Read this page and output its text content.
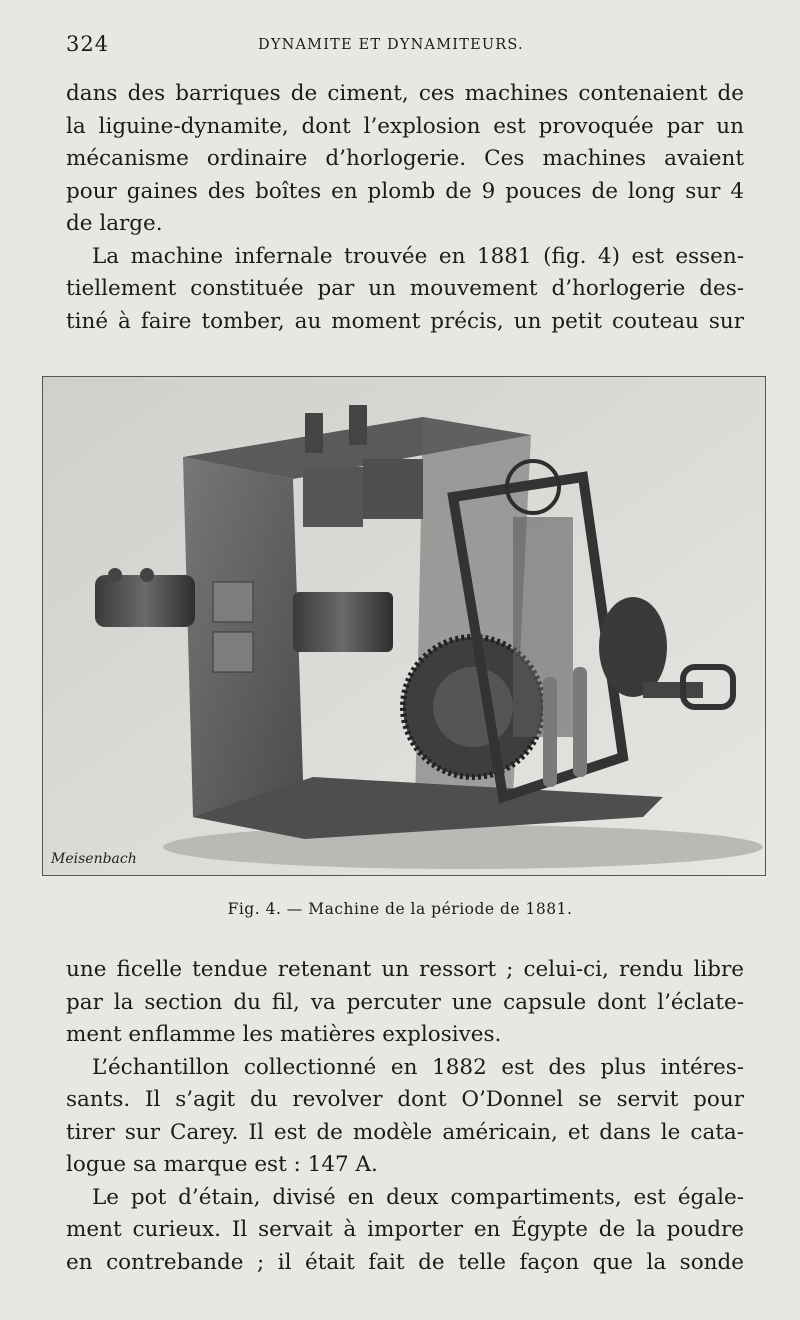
324	DYNAMITE ET DYNAMITEURS.

dans des barriques de ciment, ces machines contenaient de
la liguine-dynamite, dont l’explosion est provoquée par un
mécanisme ordinaire d’horlogerie. Ces machines avaient
pour gaines des boîtes en plomb de 9 pouces de long sur 4
de large.

La machine infernale trouvée en 1881 (fig. 4) est essen-
tiellement constituée par un mouvement d’horlogerie des-
tiné à faire tomber, au moment précis, un petit couteau sur

Meisenbach
Fig. 4. — Machine de la période de 1881.

une ficelle tendue retenant un ressort ; celui-ci, rendu libre
par la section du fil, va percuter une capsule dont l’éclate-
ment enflamme les matières explosives.

L’échantillon collectionné en 1882 est des plus intéres-
sants. Il s’agit du revolver dont O’Donnel se servit pour
tirer sur Carey. Il est de modèle américain, et dans le cata-
logue sa marque est : 147 A.

Le pot d’étain, divisé en deux compartiments, est égale-
ment curieux. Il servait à importer en Égypte de la poudre
en contrebande ; il était fait de telle façon que la sonde
